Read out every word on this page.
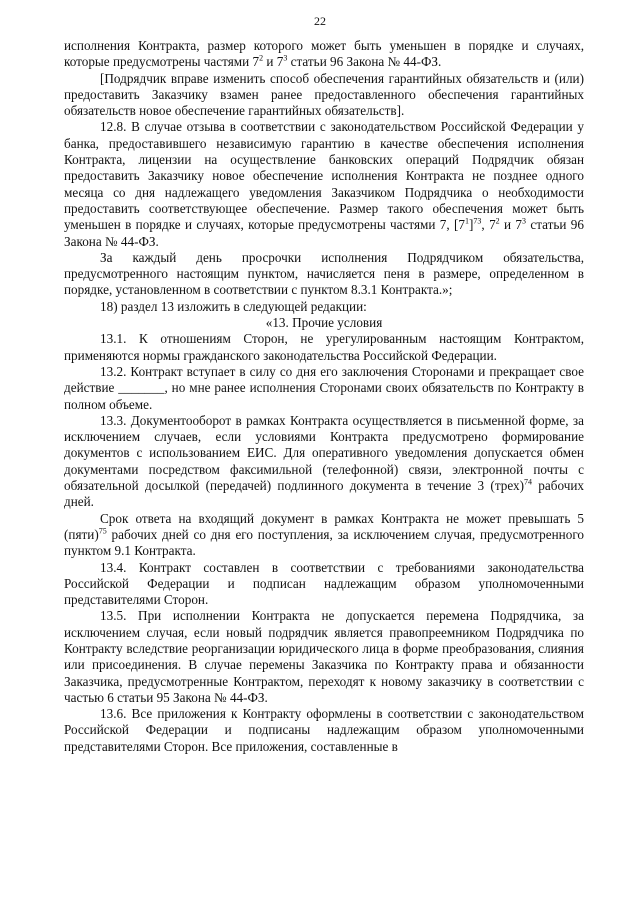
22

исполнения Контракта, размер которого может быть уменьшен в порядке и случаях, которые предусмотрены частями $7^2$ и $7^3$ статьи 96 Закона № 44-ФЗ.

[Подрядчик вправе изменить способ обеспечения гарантийных обязательств и (или) предоставить Заказчику взамен ранее предоставленного обеспечения гарантийных обязательств новое обеспечение гарантийных обязательств].

12.8. В случае отзыва в соответствии с законодательством Российской Федерации у банка, предоставившего независимую гарантию в качестве обеспечения исполнения Контракта, лицензии на осуществление банковских операций Подрядчик обязан предоставить Заказчику новое обеспечение исполнения Контракта не позднее одного месяца со дня надлежащего уведомления Заказчиком Подрядчика о необходимости предоставить соответствующее обеспечение. Размер такого обеспечения может быть уменьшен в порядке и случаях, которые предусмотрены частями 7, $[7^1]^{73}$, $7^2$ и $7^3$ статьи 96 Закона № 44-ФЗ.

За каждый день просрочки исполнения Подрядчиком обязательства, предусмотренного настоящим пунктом, начисляется пеня в размере, определенном в порядке, установленном в соответствии с пунктом 8.3.1 Контракта.»;

18) раздел 13 изложить в следующей редакции:

«13. Прочие условия

13.1. К отношениям Сторон, не урегулированным настоящим Контрактом, применяются нормы гражданского законодательства Российской Федерации.

13.2. Контракт вступает в силу со дня его заключения Сторонами и прекращает свое действие _______, но мне ранее исполнения Сторонами своих обязательств по Контракту в полном объеме.

13.3. Документооборот в рамках Контракта осуществляется в письменной форме, за исключением случаев, если условиями Контракта предусмотрено формирование документов с использованием ЕИС. Для оперативного уведомления допускается обмен документами посредством факсимильной (телефонной) связи, электронной почты с обязательной досылкой (передачей) подлинного документа в течение 3 (трех)$^{74}$ рабочих дней.

Срок ответа на входящий документ в рамках Контракта не может превышать 5 (пяти)$^{75}$ рабочих дней со дня его поступления, за исключением случая, предусмотренного пунктом 9.1 Контракта.

13.4. Контракт составлен в соответствии с требованиями законодательства Российской Федерации и подписан надлежащим образом уполномоченными представителями Сторон.

13.5. При исполнении Контракта не допускается перемена Подрядчика, за исключением случая, если новый подрядчик является правопреемником Подрядчика по Контракту вследствие реорганизации юридического лица в форме преобразования, слияния или присоединения. В случае перемены Заказчика по Контракту права и обязанности Заказчика, предусмотренные Контрактом, переходят к новому заказчику в соответствии с частью 6 статьи 95 Закона № 44-ФЗ.

13.6. Все приложения к Контракту оформлены в соответствии с законодательством Российской Федерации и подписаны надлежащим образом уполномоченными представителями Сторон. Все приложения, составленные в
